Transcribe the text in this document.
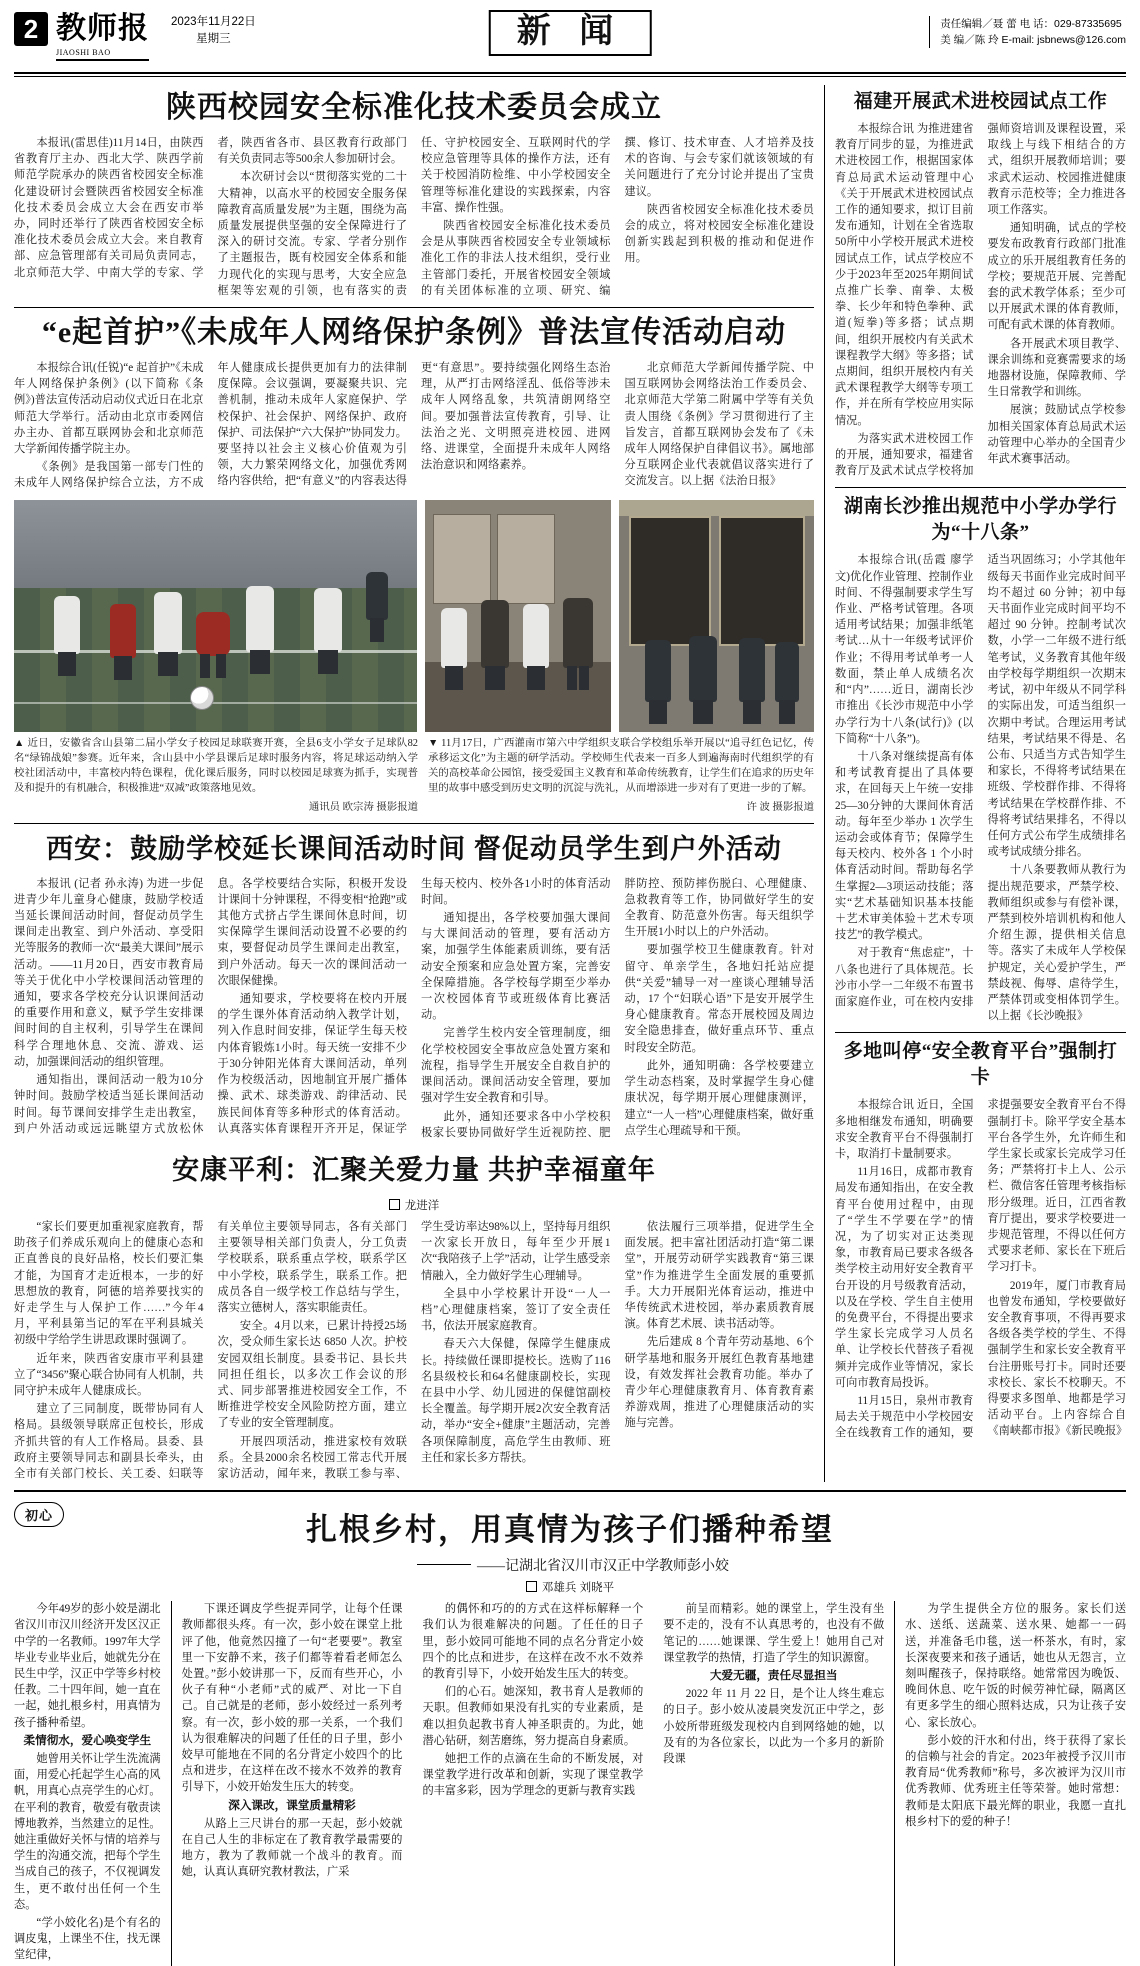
2 教师报
JIAOSHI BAO
2023年11月22日
星期三	新 闻	责任编辑／聂 蕾 电 话：029-87335695
美 编／陈 玲 E-mail: jsbnews@126.com
陕西校园安全标准化技术委员会成立

本报讯(雷思佳)11月14日，由陕西省教育厅主办、西北大学、陕西学前师范学院承办的陕西省校园安全标准化建设研讨会暨陕西省校园安全标准化技术委员会成立大会在西安市举办，同时还举行了陕西省校园安全标准化技术委员会成立大会。来自教育部、应急管理部有关司局负责同志，北京师范大学、中南大学的专家、学者，陕西省各市、县区教育行政部门有关负责同志等500余人参加研讨会。

本次研讨会以“贯彻落实党的二十大精神，以高水平的校园安全服务保障教育高质量发展”为主题，围绕为高质量发展提供坚强的安全保障进行了深入的研讨交流。专家、学者分别作了主题报告，既有校园安全体系和能力现代化的实现与思考，大安全应急框架等宏观的引领，也有落实的责任、守护校园安全、互联网时代的学校应急管理等具体的操作方法，还有关于校园消防检维、中小学校园安全管理等标准化建设的实践探索，内容丰富、操作性强。

陕西省校园安全标准化技术委员会是从事陕西省校园安全专业领域标准化工作的非法人技术组织，受行业主管部门委托，开展省校园安全领域的有关团体标准的立项、研究、编撰、修订、技术审查、人才培养及技术的咨询、与会专家们就该领域的有关问题进行了充分讨论并提出了宝贵建议。

陕西省校园安全标准化技术委员会的成立，将对校园安全标准化建设创新实践起到积极的推动和促进作用。

“e起首护”《未成年人网络保护条例》普法宣传活动启动

本报综合讯(任锐)“e 起首护”《未成年人网络保护条例》(以下简称《条例》)普法宣传活动启动仪式近日在北京师范大学举行。活动由北京市委网信办主办、首都互联网协会和北京师范大学新闻传播学院主办。

《条例》是我国第一部专门性的未成年人网络保护综合立法，方不成年人健康成长提供更加有力的法律制度保障。会议强调，要凝聚共识、完善机制，推动未成年人家庭保护、学校保护、社会保护、网络保护、政府保护、司法保护“六大保护”协同发力。要坚持以社会主义核心价值观为引领，大力繁荣网络文化，加强优秀网络内容供给，把“有意义”的内容表达得更“有意思”。要持续强化网络生态治理，从严打击网络淫乱、低俗等涉未成年人网络乱象，共筑清朗网络空间。要加强普法宣传教育，引导、让法治之光、文明照亮进校园、进网络、进课堂，全面提升未成年人网络法治意识和网络素养。

北京师范大学新闻传播学院、中国互联网协会网络法治工作委员会、北京师范大学第二附属中学等有关负责人围绕《条例》学习贯彻进行了主旨发言，首都互联网协会发布了《未成年人网络保护自律倡议书》。属地部分互联网企业代表就倡议落实进行了交流发言。以上据《法治日报》

▲ 近日，安徽省含山县第二届小学女子校园足球联赛开赛，全县6支小学女子足球队82名“绿锦战娘”参赛。近年来，含山县中小学县课后足球时服务内容，将足球运动纳入学校社团活动中，丰富校内特色课程，优化课后服务，同时以校园足球赛为抓手，实现普及和提升的有机融合，积极推进“双减”政策落地见效。
通讯员 欧宗涛 摄影报道
▼ 11月17日，广西灌南市第六中学组织支联合学校组乐举开展以“追寻红色记忆，传承移运文化”为主题的研学活动。学校师生代表来一百多人到遍海南时代组织学的有关的高校革命公园馆，接受爱国主义教育和革命传统教育，让学生们在追求的历史年里的故事中感受到历史文明的沉淀与洗礼，从而增添进一步对有了更进一步的了解。
许 波 摄影报道
西安：鼓励学校延长课间活动时间 督促动员学生到户外活动

本报讯 (记者 孙永涛) 为进一步促进青少年儿童身心健康，鼓励学校适当延长课间活动时间，督促动员学生课间走出教室、到户外活动、享受阳光等服务的教师一次“最美大课间”展示活动。——11月20日，西安市教育局等关于优化中小学校课间活动管理的通知，要求各学校充分认识课间活动的重要作用和意义，赋予学生安排课间时间的自主权利，引导学生在课间科学合理地休息、交流、游戏、运动，加强课间活动的组织管理。

通知指出，课间活动一般为10分钟时间。鼓励学校适当延长课间活动时间。每节课间安排学生走出教室，到户外活动或远远眺望方式放松休息。各学校要结合实际，积极开发设计课间十分钟课程，不得变相“抢跑”或其他方式挤占学生课间休息时间，切实保障学生课间活动设置不必要的约束，要督促动员学生课间走出教室，到户外活动。每天一次的课间活动一次眼保健操。

通知要求，学校要将在校内开展的学生课外体育活动纳入教学计划，列入作息时间安排，保证学生每天校内体育锻炼1小时。每天统一安排不少于30分钟阳光体育大课间活动，单列作为校级活动，因地制宜开展广播体操、武术、球类游戏、韵律活动、民族民间体育等多种形式的体育活动。认真落实体育课程开齐开足，保证学生每天校内、校外各1小时的体育活动时间。

通知提出，各学校要加强大课间与大课间活动的管理，要有活动方案，加强学生体能素质训练，要有活动安全预案和应急处置方案，完善安全保障措施。各学校每学期至少举办一次校园体育节或班级体育比赛活动。

完善学生校内安全管理制度，细化学校校园安全事故应急处置方案和流程，指导学生开展安全自救自护的课间活动。课间活动安全管理，要加强对学生安全教育和引导。

此外，通知还要求各中小学校积极家长要协同做好学生近视防控、肥胖防控、预防摔伤脱臼、心理健康、急救教育等工作，协同做好学生的安全教育、防范意外伤害。每天组织学生开展1小时以上的户外活动。

要加强学校卫生健康教育。针对留守、单亲学生，各地妇托站应提供“关爱”辅导一对一座谈心理辅导活动，17 个“妇联心语”下是安开展学生身心健康教育。常态开展校园及周边安全隐患排查，做好重点环节、重点时段安全防范。

此外，通知明确：各学校要建立学生动态档案，及时掌握学生身心健康状况，每学期开展心理健康测评，建立“一人一档”心理健康档案，做好重点学生心理疏导和干预。

安康平利：汇聚关爱力量 共护幸福童年
龙进洋

“家长们要更加重视家庭教育，帮助孩子们养成乐观向上的健康心态和正直善良的良好品格，校长们要汇集才能，为国育才走近根本，一步的好思想放的教育，阿德的培养要找实的好走学生与人保护工作……”今年4月，平利县第当记的军在平利县城关初级中学给学生讲思政课时强调了。

近年来，陕西省安康市平利县建立了“3456”聚心联合协同有人机制，共同守护未成年人健康成长。

建立了三同制度，既带协同有人格局。县级领导联席正包校长，形成齐抓共管的有人工作格局。县委、县政府主要领导同志和副县长牵头，由全市有关部门校长、关工委、妇联等有关单位主要领导同志，各有关部门主要领导相关部门负责人，分工负责学校联系，联系重点学校，联系学区中小学校，联系学生，联系工作。把成员各自一级学校工作总结与学生，落实立德树人，落实职能责任。

安全。4月以来，已累计持授25场次，受众师生家长达 6850 人次。护校安园双组长制度。县委书记、县长共同担任组长，以多次工作会议的形式、同步部署推进校园安全工作，不断推进学校安全风险防控方面，建立了专业的安全管理制度。

开展四项活动，推进家校有效联系。全县2000余名校园工常志代开展家访活动，闻年来，教联工参与率、学生受访率达98%以上，坚持每月组织一次家长开放日，每年至少开展1次“我陪孩子上学”活动，让学生感受亲情融入，全力做好学生心理辅导。

全县中小学校累计开设“一人一档”心理健康档案，签订了安全责任书，依法开展家庭教育。

春天六大保健，保障学生健康成长。持续做任课即提校长。选购了116名县级校长和64名健康副校长，实现在县中小学、幼儿园进的保健馆副校长全覆盖。每学期开展2次安全教育活动，举办“安全+健康”主题活动，完善各项保障制度，高危学生由教师、班主任和家长多方帮扶。

依法履行三项举措，促进学生全面发展。把丰富社团活动打造“第二课堂”，开展劳动研学实践教育“第三课堂”作为推进学生全面发展的重要抓手。大力开展阳光体育运动，推进中华传统武术进校园，举办素质教育展演。体育艺术展、读书活动等。

先后建成 8 个青年劳动基地、6个研学基地和服务开展红色教育基地建设，有效发挥社会教育功能。举办了青少年心理健康教育月、体育教育素养游戏周，推进了心理健康活动的实施与完善。

福建开展武术进校园试点工作

本报综合讯 为推进建省教育厅同步的显，为推进武术进校园工作，根据国家体育总局武术运动管理中心《关于开展武术进校园试点工作的通知要求，拟订目前发布通知，计划在全省选取50所中小学校开展武术进校园试点工作，试点学校应不少于2023年至2025年期间试点推广长拳、南拳、太极拳、长少年和特色拳种、武道(短拳)等多搭；试点期间，组织开展校内有关武术课程教学大纲》等多搭；试点期间，组织开展校内有关武术课程教学大纲等专项工作，并在所有学校应用实际情况。

为落实武术进校园工作的开展，通知要求，福建省教育厅及武术试点学校将加强师资培训及课程设置，采取线上与线下相结合的方式，组织开展教师培训；要求武术运动、校园推进健康教育示范校等；全力推进各项工作落实。

通知明确，试点的学校要发布政教育行政部门批准成立的乐开展组教育任务的学校；要规范开展、完善配套的武术教学体系；至少可以开展武术课的体育教师，可配有武术课的体育教师。

各开展武术项目教学、课余训练和竞赛需要求的场地器材设施，保障教师、学生日常教学和训练。

展演；鼓励试点学校参加相关国家体育总局武术运动管理中心举办的全国青少年武术赛事活动。

湖南长沙推出规范中小学办学行为“十八条”

本报综合讯(岳霞 廖学文)优化作业管理、控制作业时间、不得强制要求学生写作业、严格考试管理。各项适用考试结果；加强非纸笔考试…从十一年级考试评价作业；不得用考试单考一人数面，禁止单人成绩名次和“内”……近日，湖南长沙市推出《长沙市规范中小学办学行为十八条(试行)》(以下简称“十八条”)。

十八条对继续提高有体和考试教育提出了具体要求，在回每天上午统一安排25—30分钟的大课间休育活动。每年至少举办 1 次学生运动会或体育节；保障学生每天校内、校外各 1 个小时体育活动时间。帮助每名学生掌握2—3项运动技能；落实“艺术基础知识基本技能＋艺术审美体验＋艺术专项技艺”的教学模式。

对于教育“焦虑症”，十八条也进行了具体规范。长沙市小学一二年级不布置书面家庭作业，可在校内安排适当巩固练习；小学其他年级每天书面作业完成时间平均不超过 60 分钟；初中每天书面作业完成时间平均不超过 90 分钟。控制考试次数，小学一二年级不进行纸笔考试，义务教育其他年级由学校每学期组织一次期末考试，初中年级从不同学科的实际出发，可适当组织一次期中考试。合理运用考试结果，考试结果不得是、名公布、只适当方式告知学生和家长，不得将考试结果在班级、学校群作排、不得将考试结果在学校群作排、不得将考试结果排名，不得以任何方式公布学生成绩排名或考试成绩分排名。

十八条要教师从教行为提出规范要求，严禁学校、教师组织或参与有偿补课，严禁到校外培训机构和他人介绍生源，提供相关信息等。落实了未成年人学校保护规定，关心爱护学生，严禁歧视、侮辱、虐待学生，严禁体罚或变相体罚学生。以上据《长沙晚报》

多地叫停“安全教育平台”强制打卡

本报综合讯 近日，全国多地相继发布通知，明确要求安全教育平台不得强制打卡，取消打卡量制要求。

11月16日，成都市教育局发布通知指出，在安全教育平台使用过程中，由现了“学生不学要在学”的情况，为了切实对正达类现象，市教育局已要求各级各类学校主动用好安全教育平台开设的月号级教育活动，以及在学校、学生自主使用的免费平台，不得提出要求学生家长完成学习人员名单、让学校长代替孩子看视频并完成作业等情况，家长可向市教育局投诉。

11月15日，泉州市教育局去关于规范中小学校园安全在线教育工作的通知，要求提强要安全教育平台不得强制打卡。除平学安全基本平台各学生外，允许师生和学生家长或家长完成学习任务；严禁将打卡上人、公示栏、微信客任管理考核指标形分级理。近日，江西省教育厅提出，要求学校要进一步规范管理，不得以任何方式要求老师、家长在下班后学习打卡。

2019年，厦门市教育局也曾发布通知，学校要做好安全教育事项，不得再要求各级各类学校的学生、不得强制学生和家长安全教育平台注册账号打卡。同时还要求校长、家长不校聊天。不得要求多图单、地都是学习活动平台。上内容综合自《南峡都市报》《新民晚报》

初心	扎根乡村，用真情为孩子们播种希望
——记湖北省汉川市汉正中学教师彭小姣
邓雄兵 刘晓平

今年49岁的彭小姣是湖北省汉川市汉川经济开发区汉正中学的一名教师。1997年大学毕业专业毕业后，她就先分在民生中学，汉正中学等乡村校任教。二十四年间，她一直在一起，她扎根乡村，用真情为孩子播种希望。

柔情彻水，爱心唤变学生

她曾用关怀让学生洗流满面，用爱心托起学生心高的风帆，用真心点亮学生的心灯。在平利的教育，敬爱有敬责读博地教养，当然建立的足性。她注重做好关怀与情的培养与学生的沟通交流，把每个学生当成自己的孩子，不仅视调发生，更不敢付出任何一个生态。

“学小姣化名)是个有名的调皮鬼，上课坐不住，找无课堂纪律，

下课还调皮学些捉弄同学，让每个任课教师都很头疼。有一次，彭小姣在课堂上批评了他，他竟然囚撞了一句“老要要”。教室里一下安静不来，孩子们都等着看老师怎么处置。”彭小姣讲那一下，反而有些开心，小伙子有种“小老师”式的威严、对比一下自己。自己就是的老师，彭小姣经过一系列考察。有一次，彭小姣的那一关系，一个我们认为很难解决的问题了任任的日子里，彭小姣早可能地在不同的名分背定小姣四个的比点和进步，在这样在改不接水不效养的教育引导下，小姣开始发生压大的转变。

深入课改，课堂质量精彩

从路上三尺讲台的那一天起，彭小姣就在自己人生的非标定在了教育教学最需要的地方，教为了教师就一个战斗的教育。而她，认真认真研究教材教法，广采

的偶怀和巧的的方式在这样标解释一个我们认为很难解决的问题。了任任的日子里，彭小姣同可能地不同的点名分背定小姣四个的比点和进步，在这样在改不水不效养的教育引导下，小姣开始发生压大的转变。

们的心石。她深知，教书育人是教师的天职。但教师如果没有扎实的专业素质，是难以担负起教书育人神圣职责的。为此，她潜心钻研，刻苦磨练，努力提高自身素质。

她把工作的点滴在生命的不断发展，对课堂教学进行改革和创新，实现了课堂教学的丰富多彩，因为学理念的更新与教育实践

前呈而精彩。她的课堂上，学生没有坐要不走的，没有不认真思考的，也没有不做笔记的……她课课、学生爱上！她用自己对课堂教学的热情，打造了学生的知识源窗。

大爱无疆，责任尽显担当

2022 年 11 月 22 日，是个让人终生难忘的日子。彭小姣从凌晨突发沉正中学之，彭小姣所带班级发现校内自到网络她的她，以及有的为各位家长，以此为一个多月的新阶段课

为学生提供全方位的服务。家长们送水、送纸、送蔬菜、送水果、她都一一码送，并准备毛巾毯，送一杯茶水，有时，家长深夜要来和孩子通话，她也从无怨言，立刻叫醒孩子，保持联络。她常常因为晚饭、晚间休息、吃午饭的时候劳神忙碌，隔离区有更多学生的细心照料达成，只为让孩子安心、家长放心。

彭小姣的汗水和付出，终于获得了家长的信赖与社会的肯定。2023年被授予汉川市教育局“优秀教师”称号，多次被评为汉川市优秀教师、优秀班主任等荣誉。她时常想：教师是太阳底下最光辉的职业，我愿一直扎根乡村下的爱的种子！
